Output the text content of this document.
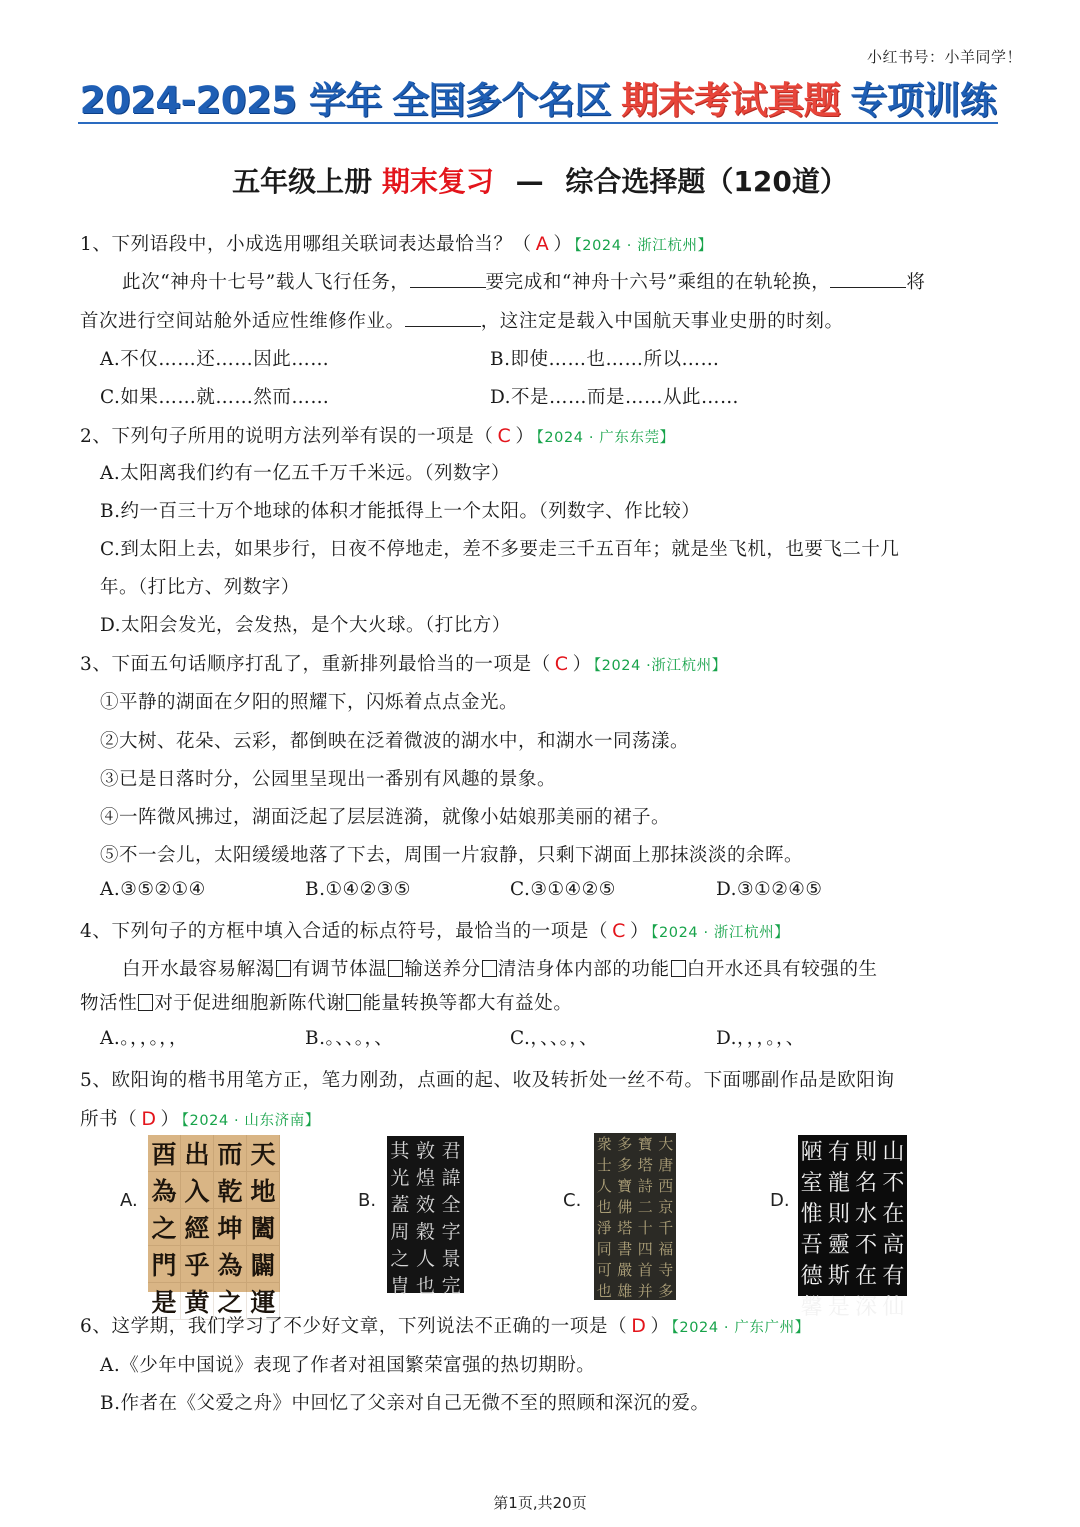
小红书号：小羊同学！
2024-2025 学年 全国多个名区 期末考试真题 专项训练
五年级上册 期末复习 — 综合选择题（120道）
1、下列语段中，小成选用哪组关联词表达最恰当？（ A ） 【2024 · 浙江杭州】
此次“神舟十七号”载人飞行任务，	要完成和“神舟十六号”乘组的在轨轮换，	将
首次进行空间站舱外适应性维修作业。	，这注定是载入中国航天事业史册的时刻。
A.不仅……还……因此……	B.即使……也……所以……
C.如果……就……然而……	D.不是……而是……从此……
2、下列句子所用的说明方法列举有误的一项是（ C ） 【2024 · 广东东莞】
A.太阳离我们约有一亿五千万千米远。（列数字）
B.约一百三十万个地球的体积才能抵得上一个太阳。（列数字、作比较）
C.到太阳上去，如果步行，日夜不停地走，差不多要走三千五百年；就是坐飞机，也要飞二十几
年。（打比方、列数字）
D.太阳会发光，会发热，是个大火球。（打比方）
3、下面五句话顺序打乱了，重新排列最恰当的一项是（ C ） 【2024 ·浙江杭州】
①平静的湖面在夕阳的照耀下，闪烁着点点金光。
②大树、花朵、云彩，都倒映在泛着微波的湖水中，和湖水一同荡漾。
③已是日落时分，公园里呈现出一番别有风趣的景象。
④一阵微风拂过，湖面泛起了层层涟漪，就像小姑娘那美丽的裙子。
⑤不一会儿，太阳缓缓地落了下去，周围一片寂静，只剩下湖面上那抹淡淡的余晖。
A.③⑤②①④	B.①④②③⑤	C.③①④②⑤	D.③①②④⑤
4、下列句子的方框中填入合适的标点符号，最恰当的一项是（ C ） 【2024 · 浙江杭州】
白开水最容易解渴 有调节体温 输送养分 清洁身体内部的功能 白开水还具有较强的生
物活性 对于促进细胞新陈代谢 能量转换等都大有益处。
A.。，，。，，	B.。、、。，、	C.，、、。，、	D.，，，。，、
5、欧阳询的楷书用笔方正，笔力刚劲，点画的起、收及转折处一丝不苟。下面哪副作品是欧阳询
所书（ D ） 【2024 · 山东济南】
A.
酉 出 而 天
為 入 乾 地
之 經 坤 闔
門 乎 為 闢
是 黄 之 運
B.
其 敦 君
光 煌 諱
蓋 效 全
周 穀 字
之 人 景
胄 也 完
C.
衆 多 寶 大
士 多 塔 唐
人 寶 詩 西
也 佛 二 京
淨 塔 十 千
同 書 四 福
可 嚴 首 寺
也 雄 并 多
D.
陋 有 則 山
室 龍 名 不
惟 則 水 在
吾 靈 不 高
德 斯 在 有
馨 是 深 仙
6、这学期，我们学习了不少好文章，下列说法不正确的一项是（ D ） 【2024 · 广东广州】
A.《少年中国说》表现了作者对祖国繁荣富强的热切期盼。
B.作者在《父爱之舟》中回忆了父亲对自己无微不至的照顾和深沉的爱。
第1页,共20页
